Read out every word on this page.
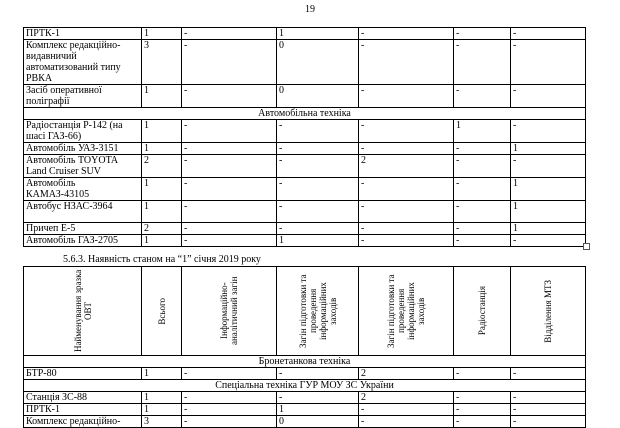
19
ПРТК-1	1	-	1	-	-	-
Комплекс редакційно-видавничий автоматизований типу РВКА	3	-	0	-	-	-
Засіб оперативної поліграфії	1	-	0	-	-	-
Автомобільна техніка						
Радіостанція Р-142 (на шасі ГАЗ-66)	1	-	-	-	1	-
Автомобіль УАЗ-3151	1	-	-	-	-	1
Автомобіль TOYOTA Land Cruiser SUV	2	-	-	2	-	-
Автомобіль КАМАЗ-43105	1	-	-	-	-	1
Автобус НЗАС-3964	1	-	-	-	-	1
Причеп Е-5	2	-	-	-	-	1
Автомобіль ГАЗ-2705	1	-	1	-	-	-
5.6.3. Наявність станом на “1” січня 2019 року
Найменування зразка ОВТ	Всього	Інформаційно-аналітичний загін	Загін підготовки та проведення інформаційних заходів	Загін підготовки та проведення інформаційних заходів	Радіостанція	Відділення МТЗ

Бронетанкова техніка						
БТР-80	1	-	-	2	-	-
Спеціальна техніка ГУР МОУ ЗС України						
Станція ЗС-88	1	-	-	2	-	-
ПРТК-1	1	-	1	-	-	-
Комплекс редакційно-	3	-	0	-	-	-
